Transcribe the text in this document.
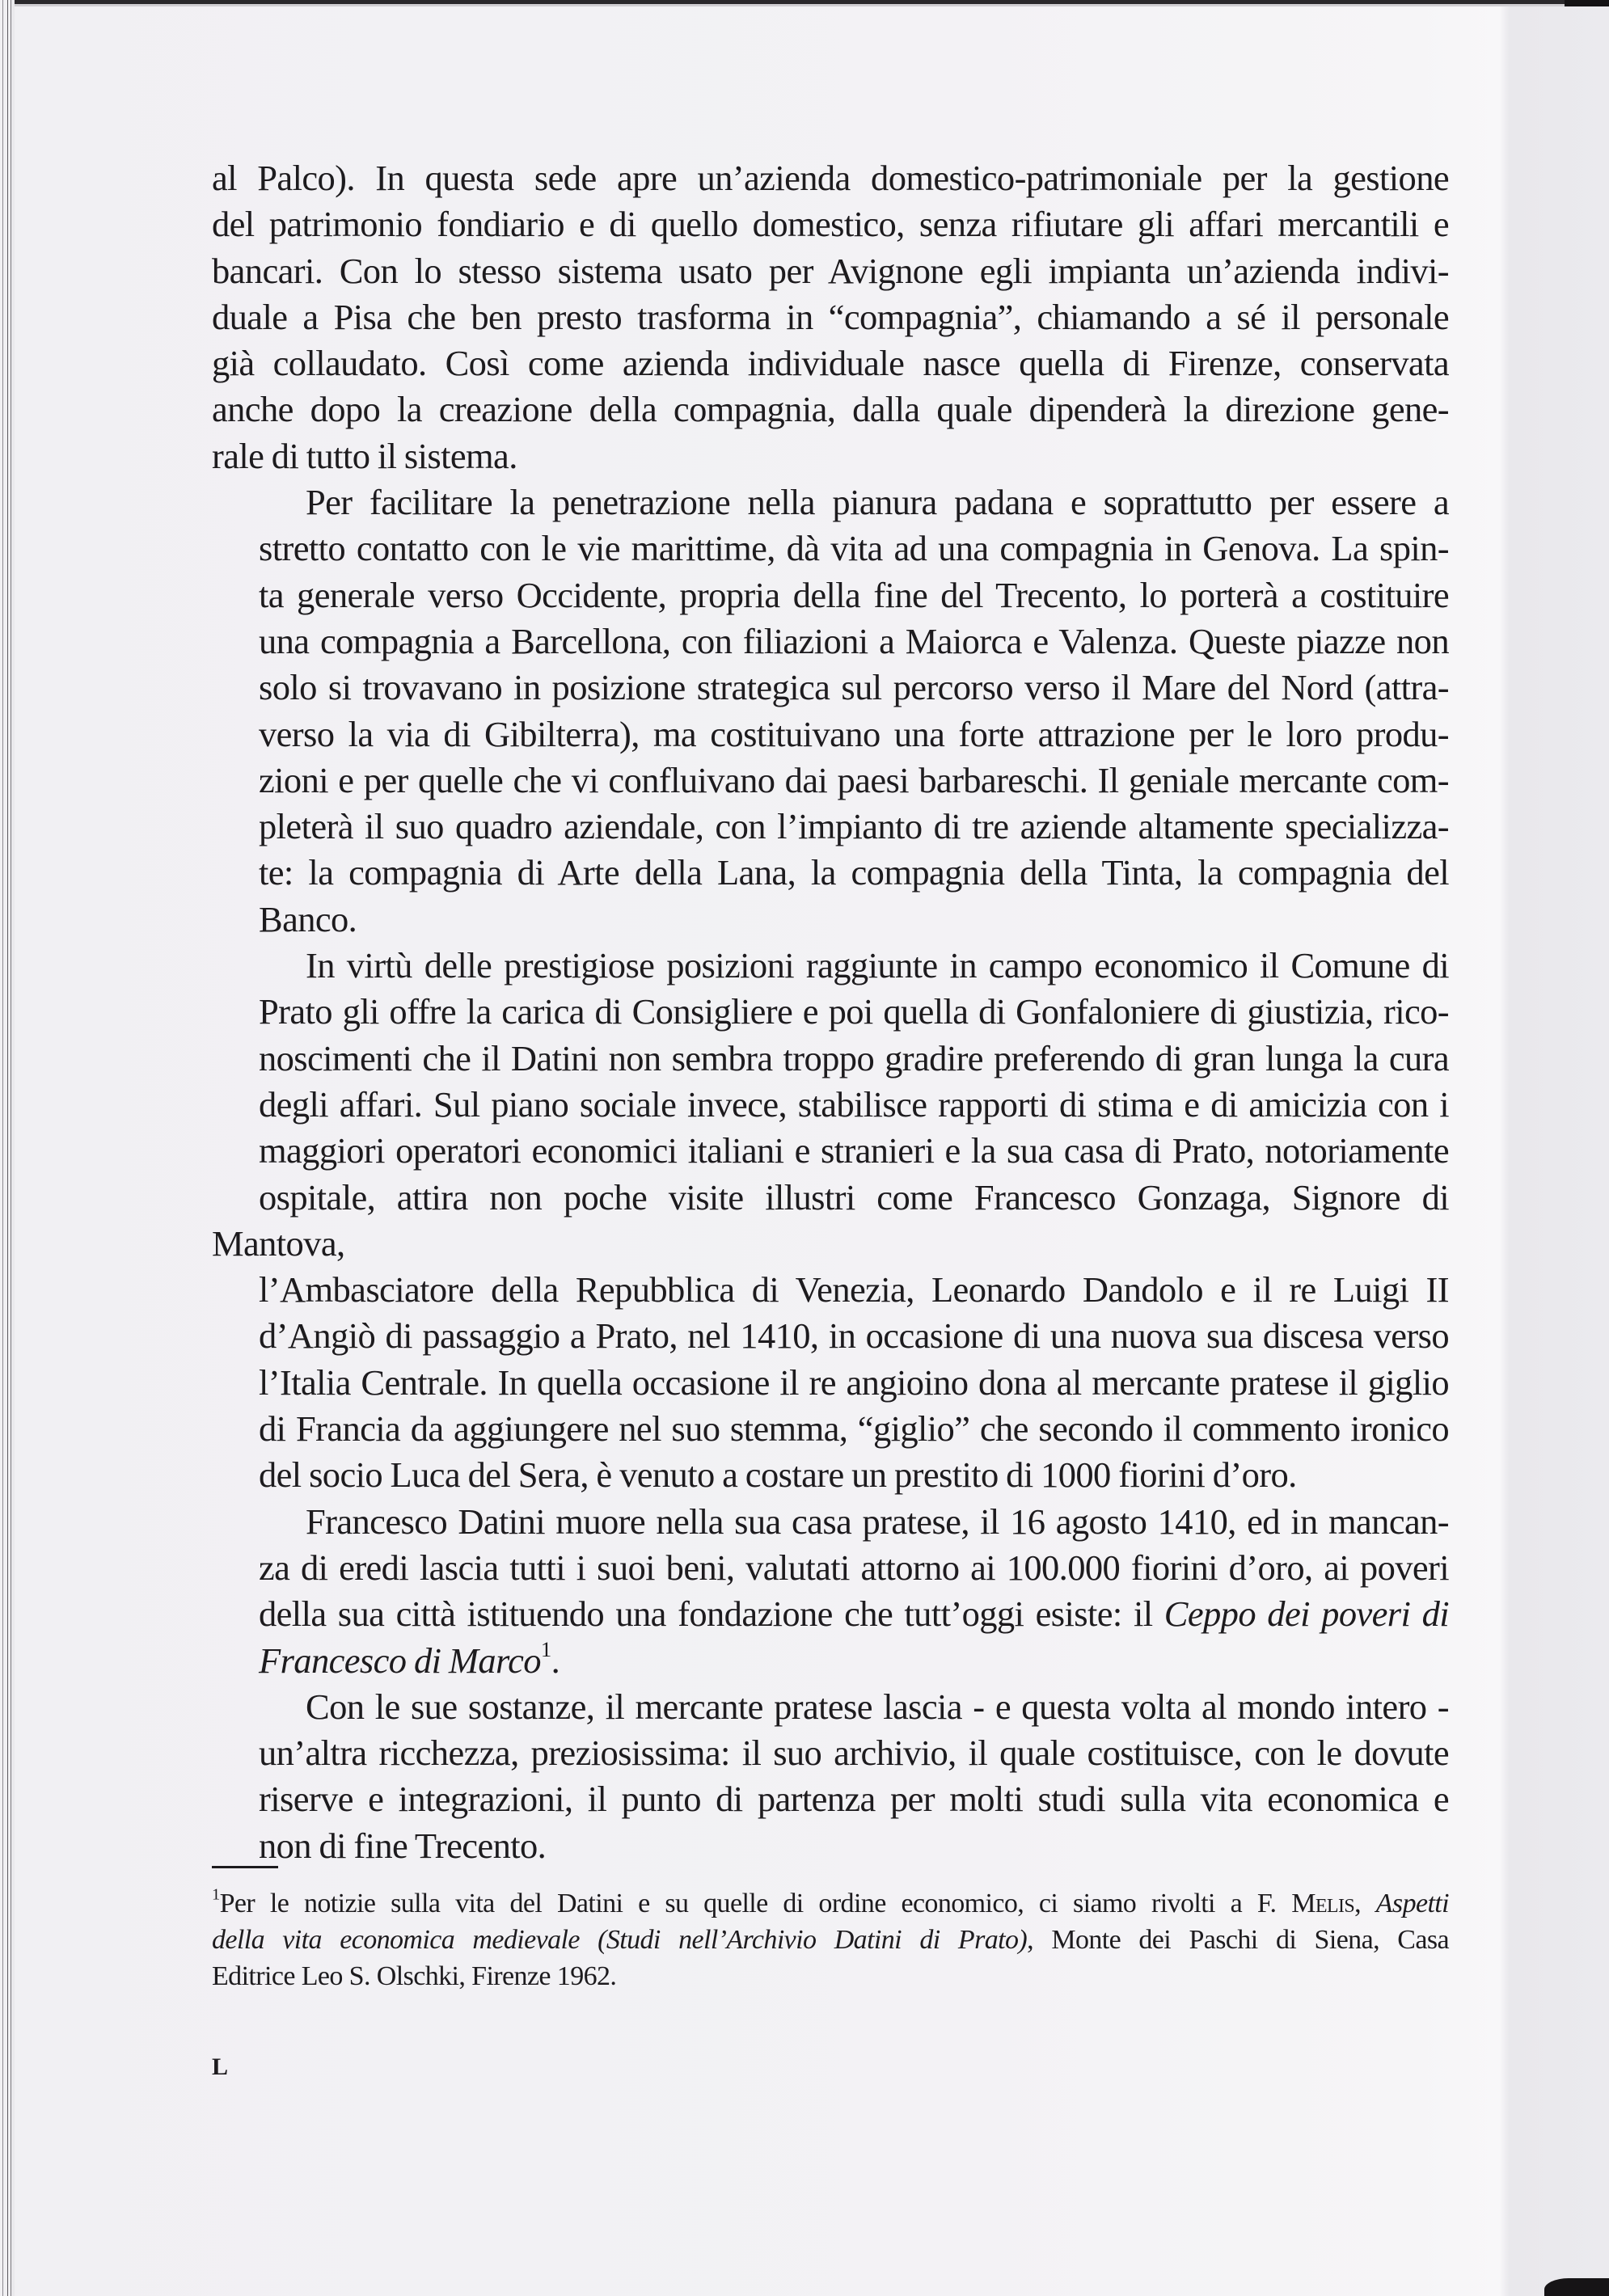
al Palco). In questa sede apre un’azienda domestico-patrimoniale per la gestione
del patrimonio fondiario e di quello domestico, senza rifiutare gli affari mercantili e
bancari. Con lo stesso sistema usato per Avignone egli impianta un’azienda indivi-
duale a Pisa che ben presto trasforma in “compagnia”, chiamando a sé il personale
già collaudato. Così come azienda individuale nasce quella di Firenze, conservata
anche dopo la creazione della compagnia, dalla quale dipenderà la direzione gene-
rale di tutto il sistema.

Per facilitare la penetrazione nella pianura padana e soprattutto per essere a
stretto contatto con le vie marittime, dà vita ad una compagnia in Genova. La spin-
ta generale verso Occidente, propria della fine del Trecento, lo porterà a costituire
una compagnia a Barcellona, con filiazioni a Maiorca e Valenza. Queste piazze non
solo si trovavano in posizione strategica sul percorso verso il Mare del Nord (attra-
verso la via di Gibilterra), ma costituivano una forte attrazione per le loro produ-
zioni e per quelle che vi confluivano dai paesi barbareschi. Il geniale mercante com-
pleterà il suo quadro aziendale, con l’impianto di tre aziende altamente specializza-
te: la compagnia di Arte della Lana, la compagnia della Tinta, la compagnia del
Banco.

In virtù delle prestigiose posizioni raggiunte in campo economico il Comune di
Prato gli offre la carica di Consigliere e poi quella di Gonfaloniere di giustizia, rico-
noscimenti che il Datini non sembra troppo gradire preferendo di gran lunga la cura
degli affari. Sul piano sociale invece, stabilisce rapporti di stima e di amicizia con i
maggiori operatori economici italiani e stranieri e la sua casa di Prato, notoriamente
ospitale, attira non poche visite illustri come Francesco Gonzaga, Signore di Mantova,
l’Ambasciatore della Repubblica di Venezia, Leonardo Dandolo e il re Luigi II
d’Angiò di passaggio a Prato, nel 1410, in occasione di una nuova sua discesa verso
l’Italia Centrale. In quella occasione il re angioino dona al mercante pratese il giglio
di Francia da aggiungere nel suo stemma, “giglio” che secondo il commento ironico
del socio Luca del Sera, è venuto a costare un prestito di 1000 fiorini d’oro.

Francesco Datini muore nella sua casa pratese, il 16 agosto 1410, ed in mancan-
za di eredi lascia tutti i suoi beni, valutati attorno ai 100.000 fiorini d’oro, ai poveri
della sua città istituendo una fondazione che tutt’oggi esiste: il Ceppo dei poveri di
Francesco di Marco$^1$.

Con le sue sostanze, il mercante pratese lascia - e questa volta al mondo intero -
un’altra ricchezza, preziosissima: il suo archivio, il quale costituisce, con le dovute
riserve e integrazioni, il punto di partenza per molti studi sulla vita economica e
non di fine Trecento.

$^1$Per le notizie sulla vita del Datini e su quelle di ordine economico, ci siamo rivolti a F. Melis, Aspetti
della vita economica medievale (Studi nell’Archivio Datini di Prato), Monte dei Paschi di Siena, Casa
Editrice Leo S. Olschki, Firenze 1962.
L
